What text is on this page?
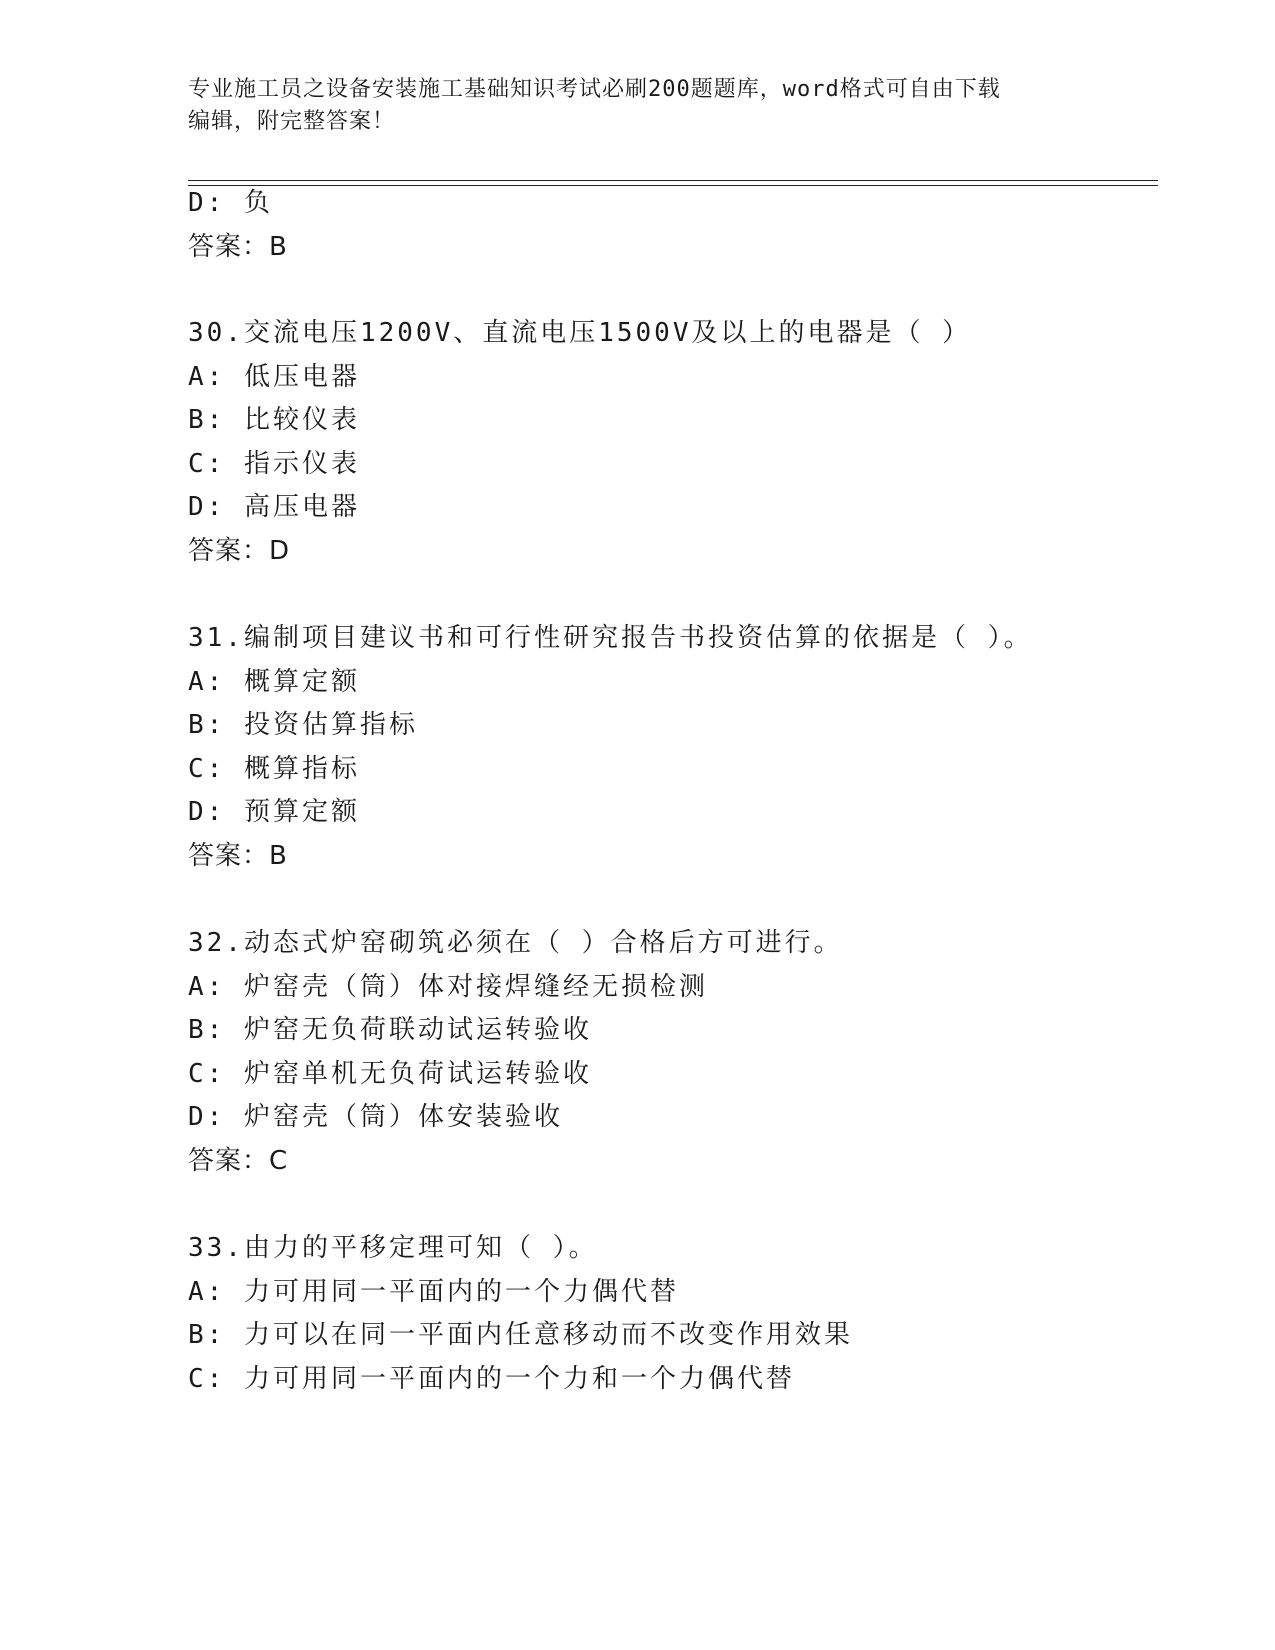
专业施工员之设备安装施工基础知识考试必刷200题题库，word格式可自由下载
编辑，附完整答案！
D: 负
答案：B
30.交流电压1200V、直流电压1500V及以上的电器是（ ）
A: 低压电器
B: 比较仪表
C: 指示仪表
D: 高压电器
答案：D
31.编制项目建议书和可行性研究报告书投资估算的依据是（ ）。
A: 概算定额
B: 投资估算指标
C: 概算指标
D: 预算定额
答案：B
32.动态式炉窑砌筑必须在（ ）合格后方可进行。
A: 炉窑壳（筒）体对接焊缝经无损检测
B: 炉窑无负荷联动试运转验收
C: 炉窑单机无负荷试运转验收
D: 炉窑壳（筒）体安装验收
答案：C
33.由力的平移定理可知（ ）。
A: 力可用同一平面内的一个力偶代替
B: 力可以在同一平面内任意移动而不改变作用效果
C: 力可用同一平面内的一个力和一个力偶代替
